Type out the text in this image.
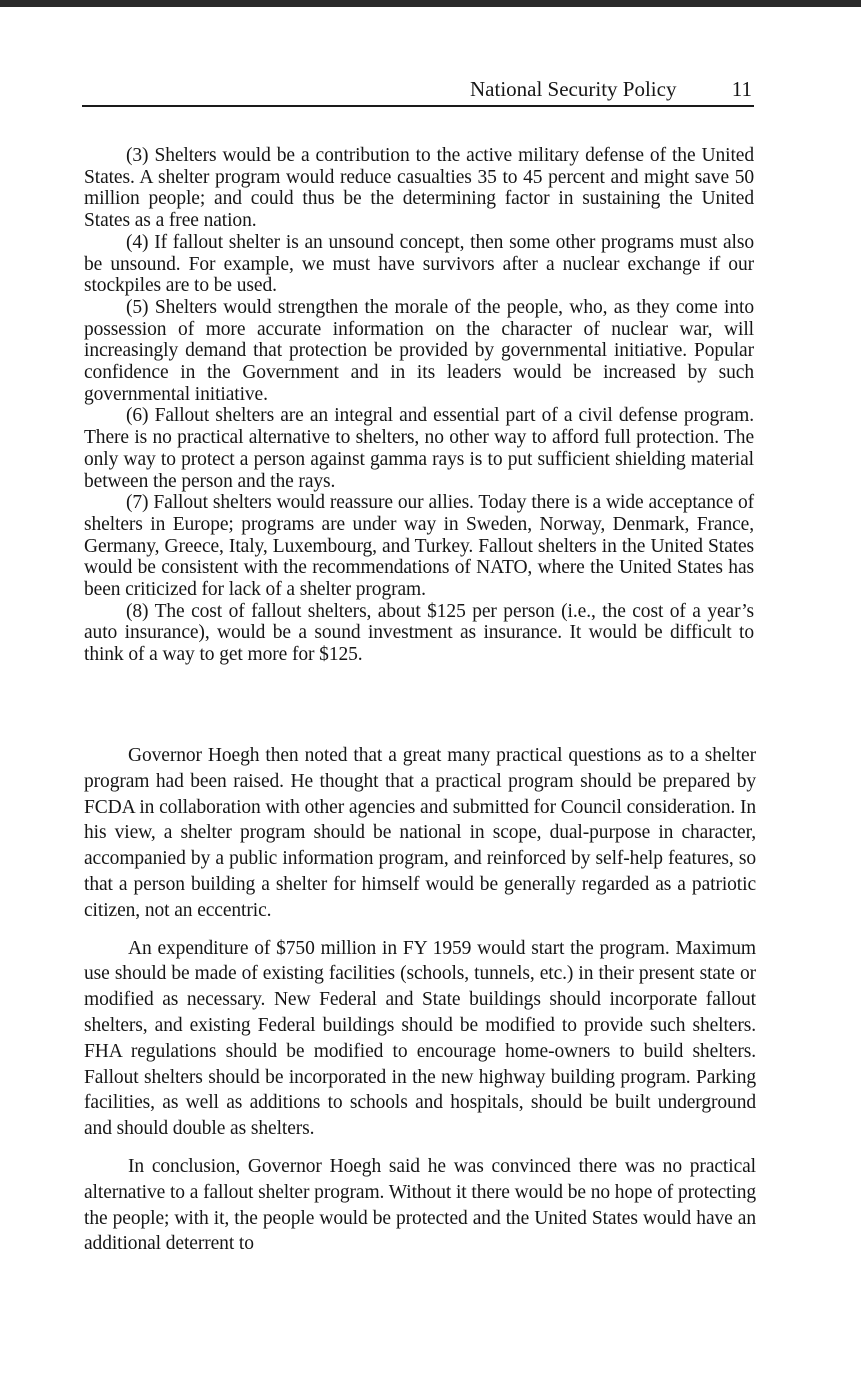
National Security Policy	11

(3) Shelters would be a contribution to the active military defense of the United States. A shelter program would reduce casualties 35 to 45 percent and might save 50 million people; and could thus be the determining factor in sustaining the United States as a free nation.

(4) If fallout shelter is an unsound concept, then some other programs must also be unsound. For example, we must have survivors after a nuclear exchange if our stockpiles are to be used.

(5) Shelters would strengthen the morale of the people, who, as they come into possession of more accurate information on the character of nuclear war, will increasingly demand that protection be provided by governmental initiative. Popular confidence in the Government and in its leaders would be increased by such governmental initiative.

(6) Fallout shelters are an integral and essential part of a civil defense program. There is no practical alternative to shelters, no other way to afford full protection. The only way to protect a person against gamma rays is to put sufficient shielding material between the person and the rays.

(7) Fallout shelters would reassure our allies. Today there is a wide acceptance of shelters in Europe; programs are under way in Sweden, Norway, Denmark, France, Germany, Greece, Italy, Luxembourg, and Turkey. Fallout shelters in the United States would be consistent with the recommendations of NATO, where the United States has been criticized for lack of a shelter program.

(8) The cost of fallout shelters, about $125 per person (i.e., the cost of a year’s auto insurance), would be a sound investment as insurance. It would be difficult to think of a way to get more for $125.

Governor Hoegh then noted that a great many practical questions as to a shelter program had been raised. He thought that a practical program should be prepared by FCDA in collaboration with other agencies and submitted for Council consideration. In his view, a shelter program should be national in scope, dual-purpose in character, accompanied by a public information program, and reinforced by self-help features, so that a person building a shelter for himself would be generally regarded as a patriotic citizen, not an eccentric.

An expenditure of $750 million in FY 1959 would start the program. Maximum use should be made of existing facilities (schools, tunnels, etc.) in their present state or modified as necessary. New Federal and State buildings should incorporate fallout shelters, and existing Federal buildings should be modified to provide such shelters. FHA regulations should be modified to encourage home-owners to build shelters. Fallout shelters should be incorporated in the new highway building program. Parking facilities, as well as additions to schools and hospitals, should be built underground and should double as shelters.

In conclusion, Governor Hoegh said he was convinced there was no practical alternative to a fallout shelter program. Without it there would be no hope of protecting the people; with it, the people would be protected and the United States would have an additional deterrent to
